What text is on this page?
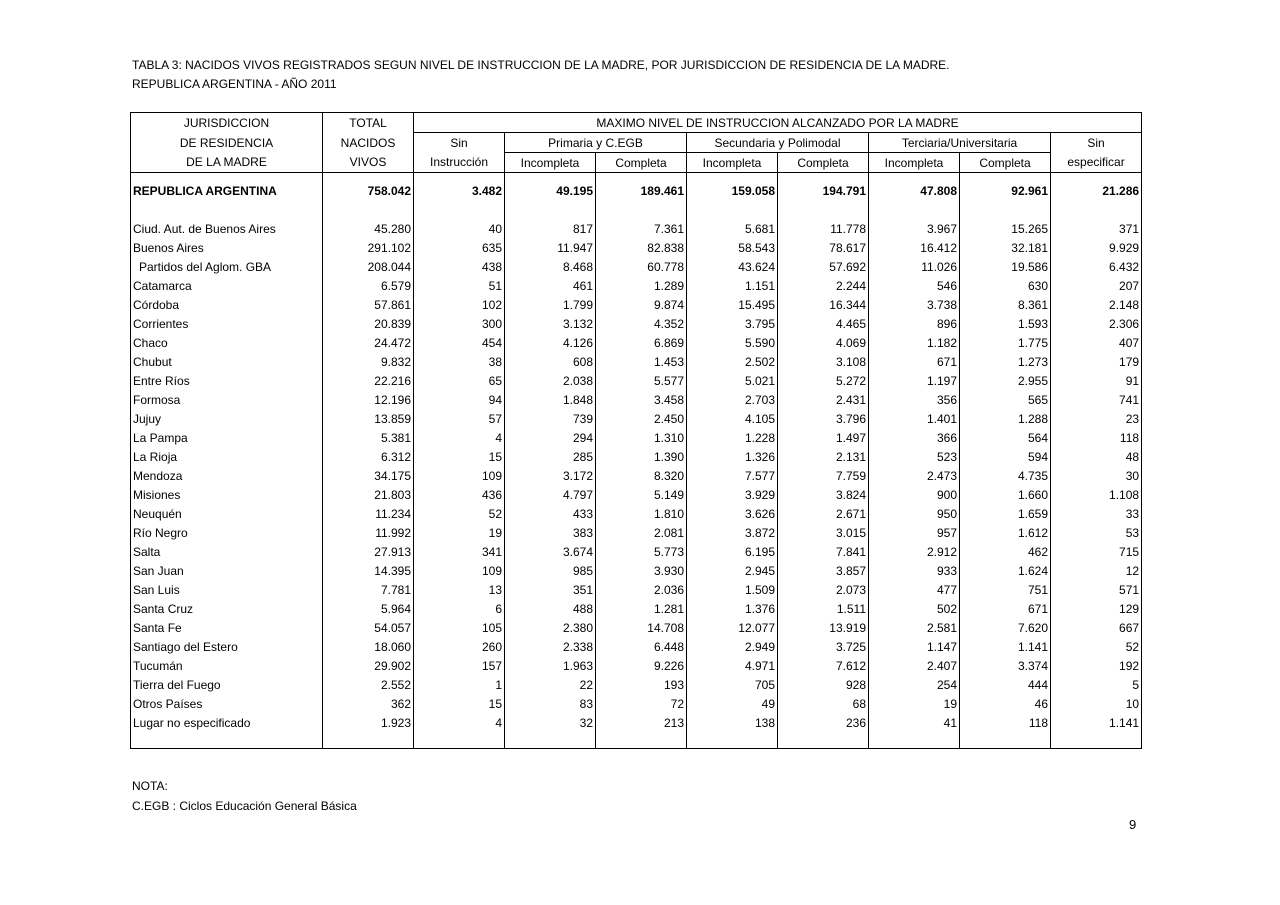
TABLA 3: NACIDOS VIVOS REGISTRADOS SEGUN NIVEL DE INSTRUCCION DE LA MADRE, POR JURISDICCION DE RESIDENCIA DE LA MADRE.
REPUBLICA ARGENTINA - AÑO 2011
JURISDICCION	TOTAL	MAXIMO NIVEL DE INSTRUCCION ALCANZADO POR LA MADRE							
DE RESIDENCIA	NACIDOS	Sin	Primaria y C.EGB		Secundaria y Polimodal		Terciaria/Universitaria		Sin
DE LA MADRE	VIVOS	Instrucción	Incompleta	Completa	Incompleta	Completa	Incompleta	Completa	especificar

REPUBLICA ARGENTINA	758.042	3.482	49.195	189.461	159.058	194.791	47.808	92.961	21.286

Ciud. Aut. de Buenos Aires	45.280	40	817	7.361	5.681	11.778	3.967	15.265	371
Buenos Aires	291.102	635	11.947	82.838	58.543	78.617	16.412	32.181	9.929
Partidos del Aglom. GBA	208.044	438	8.468	60.778	43.624	57.692	11.026	19.586	6.432
Catamarca	6.579	51	461	1.289	1.151	2.244	546	630	207
Córdoba	57.861	102	1.799	9.874	15.495	16.344	3.738	8.361	2.148
Corrientes	20.839	300	3.132	4.352	3.795	4.465	896	1.593	2.306
Chaco	24.472	454	4.126	6.869	5.590	4.069	1.182	1.775	407
Chubut	9.832	38	608	1.453	2.502	3.108	671	1.273	179
Entre Ríos	22.216	65	2.038	5.577	5.021	5.272	1.197	2.955	91
Formosa	12.196	94	1.848	3.458	2.703	2.431	356	565	741
Jujuy	13.859	57	739	2.450	4.105	3.796	1.401	1.288	23
La Pampa	5.381	4	294	1.310	1.228	1.497	366	564	118
La Rioja	6.312	15	285	1.390	1.326	2.131	523	594	48
Mendoza	34.175	109	3.172	8.320	7.577	7.759	2.473	4.735	30
Misiones	21.803	436	4.797	5.149	3.929	3.824	900	1.660	1.108
Neuquén	11.234	52	433	1.810	3.626	2.671	950	1.659	33
Río Negro	11.992	19	383	2.081	3.872	3.015	957	1.612	53
Salta	27.913	341	3.674	5.773	6.195	7.841	2.912	462	715
San Juan	14.395	109	985	3.930	2.945	3.857	933	1.624	12
San Luis	7.781	13	351	2.036	1.509	2.073	477	751	571
Santa Cruz	5.964	6	488	1.281	1.376	1.511	502	671	129
Santa Fe	54.057	105	2.380	14.708	12.077	13.919	2.581	7.620	667
Santiago del Estero	18.060	260	2.338	6.448	2.949	3.725	1.147	1.141	52
Tucumán	29.902	157	1.963	9.226	4.971	7.612	2.407	3.374	192
Tierra del Fuego	2.552	1	22	193	705	928	254	444	5
Otros Países	362	15	83	72	49	68	19	46	10
Lugar no especificado	1.923	4	32	213	138	236	41	118	1.141

NOTA:
C.EGB : Ciclos Educación General Básica
9
